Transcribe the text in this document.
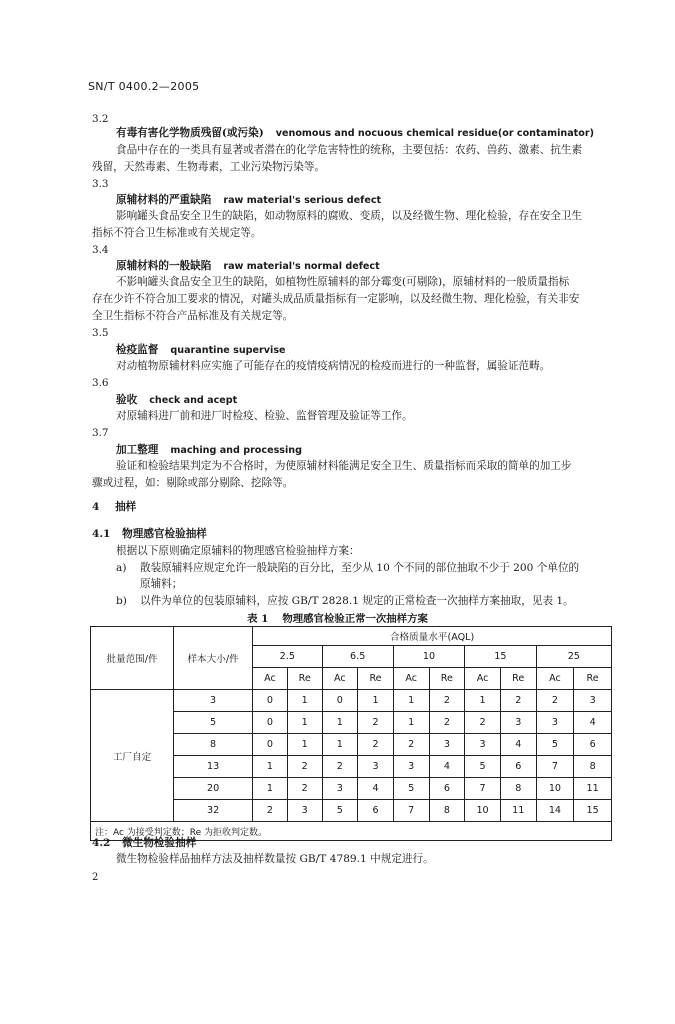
SN/T 0400.2—2005
3.2
有毒有害化学物质残留(或污染) venomous and nocuous chemical residue(or contaminator)
食品中存在的一类具有显著或者潜在的化学危害特性的统称，主要包括：农药、兽药、激素、抗生素
残留，天然毒素、生物毒素，工业污染物污染等。
3.3
原辅材料的严重缺陷 raw material's serious defect
影响罐头食品安全卫生的缺陷，如动物原料的腐败、变质，以及经微生物、理化检验，存在安全卫生
指标不符合卫生标准或有关规定等。
3.4
原辅材料的一般缺陷 raw material's normal defect
不影响罐头食品安全卫生的缺陷，如植物性原辅料的部分霉变(可剔除)，原辅材料的一般质量指标
存在少许不符合加工要求的情况，对罐头成品质量指标有一定影响，以及经微生物、理化检验，有关非安
全卫生指标不符合产品标准及有关规定等。
3.5
检疫监督 quarantine supervise
对动植物原辅材料应实施了可能存在的疫情疫病情况的检疫而进行的一种监督，属验证范畴。
3.6
验收 check and acept
对原辅料进厂前和进厂时检疫、检验、监督管理及验证等工作。
3.7
加工整理 maching and processing
验证和检验结果判定为不合格时，为使原辅材料能满足安全卫生、质量指标而采取的简单的加工步
骤或过程，如：剔除或部分剔除、挖除等。
4 抽样
4.1 物理感官检验抽样
根据以下原则确定原辅料的物理感官检验抽样方案：
a) 散装原辅料应规定允许一般缺陷的百分比，至少从 10 个不同的部位抽取不少于 200 个单位的
原辅料；
b) 以件为单位的包装原辅料，应按 GB/T 2828.1 规定的正常检查一次抽样方案抽取，见表 1。
表 1 物理感官检验正常一次抽样方案
批量范围/件	样本大小/件	合格质量水平(AQL)									
		2.5		6.5		10		15		25	
		Ac	Re	Ac	Re	Ac	Re	Ac	Re	Ac	Re
工厂自定	3	0	1	0	1	1	2	1	2	2	3
	5	0	1	1	2	1	2	2	3	3	4
	8	0	1	1	2	2	3	3	4	5	6
	13	1	2	2	3	3	4	5	6	7	8
	20	1	2	3	4	5	6	7	8	10	11
	32	2	3	5	6	7	8	10	11	14	15
注：Ac 为接受判定数；Re 为拒收判定数。											
4.2 微生物检验抽样
微生物检验样品抽样方法及抽样数量按 GB/T 4789.1 中规定进行。
2
